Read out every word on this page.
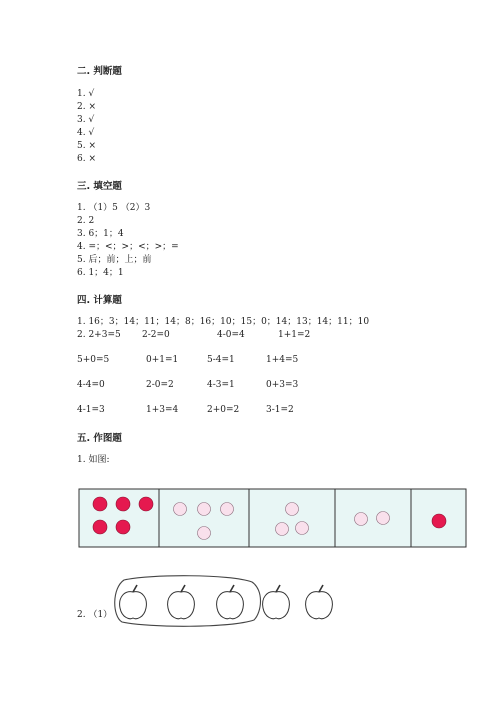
二. 判断题
1. √
2. ×
3. √
4. √
5. ×
6. ×
三. 填空题
1. （1）5 （2）3
2. 2
3. 6；1；4
4. =；<；>；<；>；=
5. 后；前；上；前
6. 1；4；1
四. 计算题
1. 16；3；14；11；14；8；16；10；15；0；14；13；14；11；10
2. 2+3=5 2-2=0	4-0=4	1+1=2
5+0=5	0+1=1	5-4=1	1+4=5
4-4=0	2-0=2	4-3=1	0+3=3
4-1=3	1+3=4	2+0=2	3-1=2
五. 作图题
1. 如图:
2. （1）
